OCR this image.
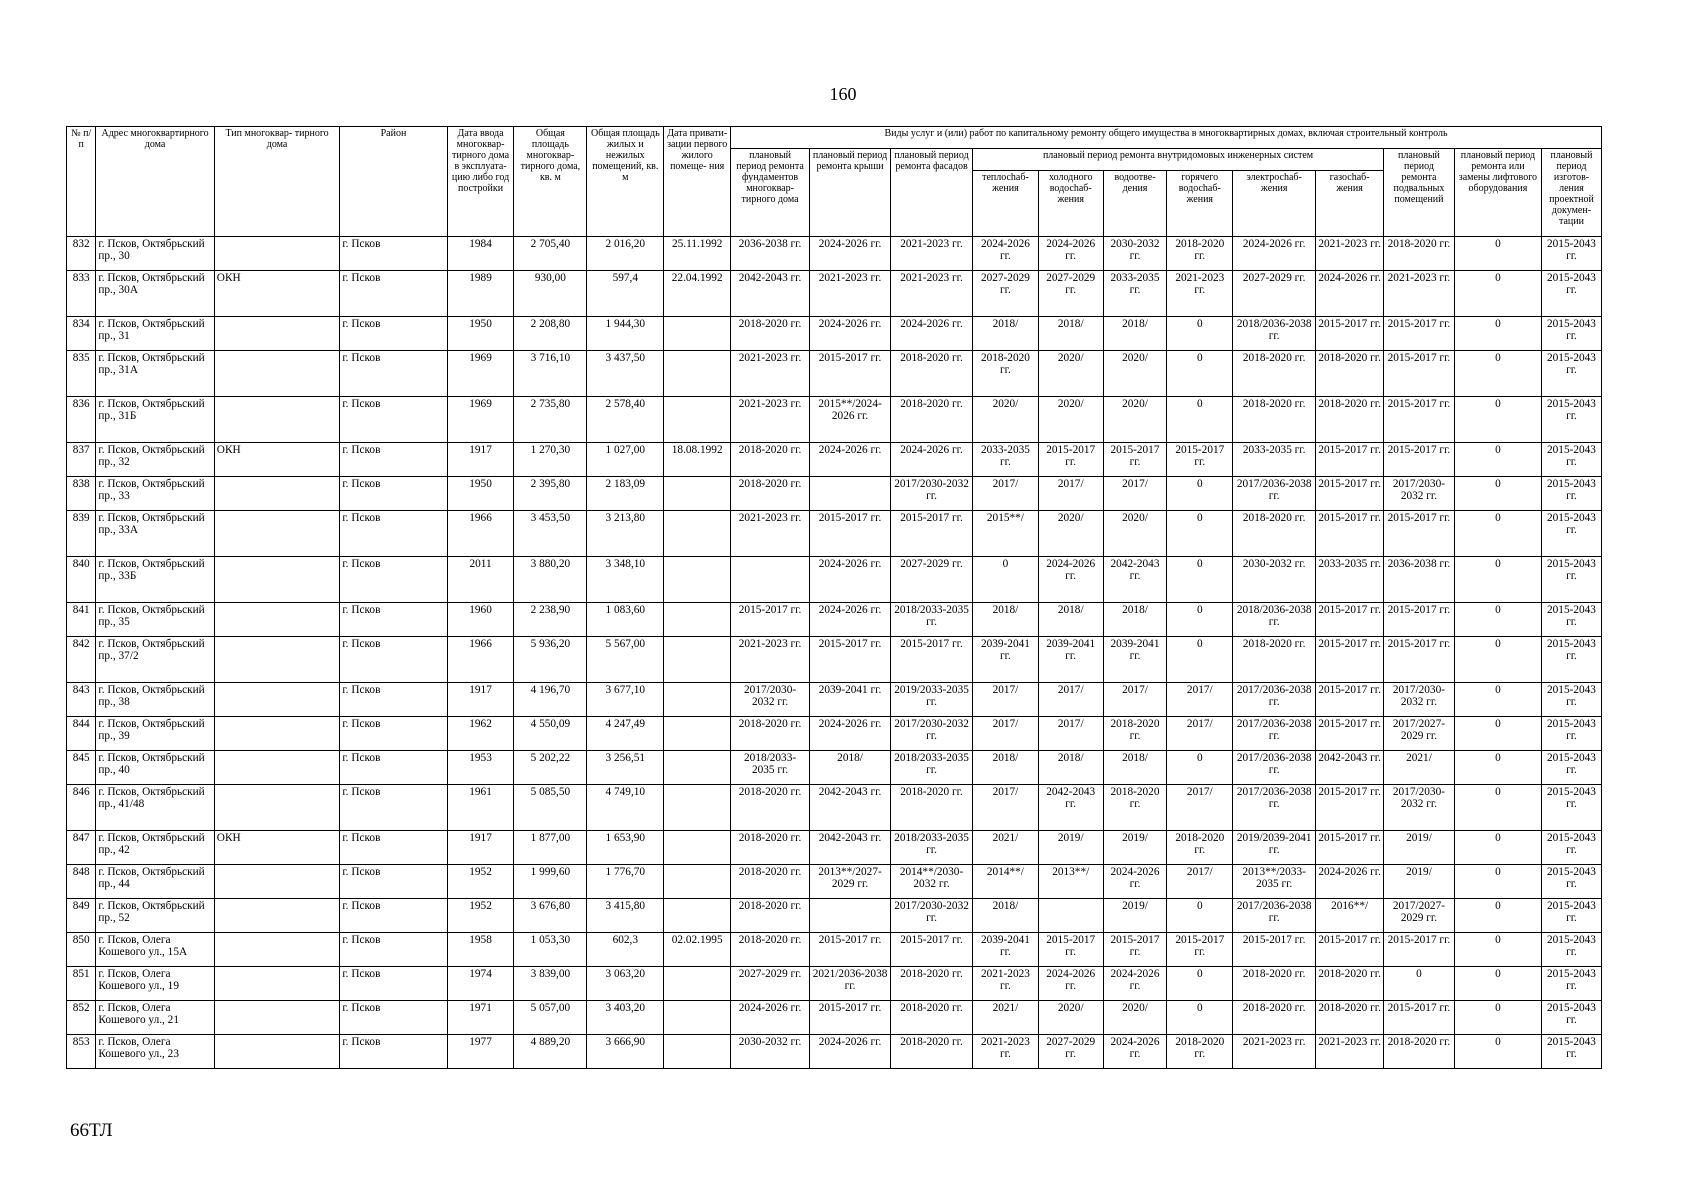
160
№ п/п	Адрес многоквартирного дома	Тип многоквар- тирного дома	Район	Дата ввода многоквар- тирного дома в эксплуата- цию либо год постройки	Общая площадь многоквар- тирного дома, кв. м	Общая площадь жилых и нежилых помещений, кв. м	Дата привати- зации первого жилого помеще- ния	Виды услуг и (или) работ по капитальному ремонту общего имущества в многоквартирных домах, включая строительный контроль											
								плановый период ремонта фундаментов многоквар- тирного дома	плановый период ремонта крыши	плановый период ремонта фасадов	плановый период ремонта внутридомовых инженерных систем						плановый период ремонта подвальных помещений	плановый период ремонта или замены лифтового оборудования	плановый период изготов- ления проектной докумен- тации
											теплосhаб- жения	холодного водосhаб- жения	водоотве- дения	горячего водосhаб- жения	электросhаб- жения	газосhаб- жения			
832	г. Псков, Октябрьский пр., 30		г. Псков	1984	2 705,40	2 016,20	25.11.1992	2036-2038 гг.	2024-2026 гг.	2021-2023 гг.	2024-2026 гг.	2024-2026 гг.	2030-2032 гг.	2018-2020 гг.	2024-2026 гг.	2021-2023 гг.	2018-2020 гг.	0	2015-2043 гг.
833	г. Псков, Октябрьский пр., 30А	ОКН	г. Псков	1989	930,00	597,4	22.04.1992	2042-2043 гг.	2021-2023 гг.	2021-2023 гг.	2027-2029 гг.	2027-2029 гг.	2033-2035 гг.	2021-2023 гг.	2027-2029 гг.	2024-2026 гг.	2021-2023 гг.	0	2015-2043 гг.
834	г. Псков, Октябрьский пр., 31		г. Псков	1950	2 208,80	1 944,30		2018-2020 гг.	2024-2026 гг.	2024-2026 гг.	2018/	2018/	2018/	0	2018/2036-2038 гг.	2015-2017 гг.	2015-2017 гг.	0	2015-2043 гг.
835	г. Псков, Октябрьский пр., 31А		г. Псков	1969	3 716,10	3 437,50		2021-2023 гг.	2015-2017 гг.	2018-2020 гг.	2018-2020 гг.	2020/	2020/	0	2018-2020 гг.	2018-2020 гг.	2015-2017 гг.	0	2015-2043 гг.
836	г. Псков, Октябрьский пр., 31Б		г. Псков	1969	2 735,80	2 578,40		2021-2023 гг.	2015**/2024-2026 гг.	2018-2020 гг.	2020/	2020/	2020/	0	2018-2020 гг.	2018-2020 гг.	2015-2017 гг.	0	2015-2043 гг.
837	г. Псков, Октябрьский пр., 32	ОКН	г. Псков	1917	1 270,30	1 027,00	18.08.1992	2018-2020 гг.	2024-2026 гг.	2024-2026 гг.	2033-2035 гг.	2015-2017 гг.	2015-2017 гг.	2015-2017 гг.	2033-2035 гг.	2015-2017 гг.	2015-2017 гг.	0	2015-2043 гг.
838	г. Псков, Октябрьский пр., 33		г. Псков	1950	2 395,80	2 183,09		2018-2020 гг.		2017/2030-2032 гг.	2017/	2017/	2017/	0	2017/2036-2038 гг.	2015-2017 гг.	2017/2030-2032 гг.	0	2015-2043 гг.
839	г. Псков, Октябрьский пр., 33А		г. Псков	1966	3 453,50	3 213,80		2021-2023 гг.	2015-2017 гг.	2015-2017 гг.	2015**/	2020/	2020/	0	2018-2020 гг.	2015-2017 гг.	2015-2017 гг.	0	2015-2043 гг.
840	г. Псков, Октябрьский пр., 33Б		г. Псков	2011	3 880,20	3 348,10			2024-2026 гг.	2027-2029 гг.	0	2024-2026 гг.	2042-2043 гг.	0	2030-2032 гг.	2033-2035 гг.	2036-2038 гг.	0	2015-2043 гг.
841	г. Псков, Октябрьский пр., 35		г. Псков	1960	2 238,90	1 083,60		2015-2017 гг.	2024-2026 гг.	2018/2033-2035 гг.	2018/	2018/	2018/	0	2018/2036-2038 гг.	2015-2017 гг.	2015-2017 гг.	0	2015-2043 гг.
842	г. Псков, Октябрьский пр., 37/2		г. Псков	1966	5 936,20	5 567,00		2021-2023 гг.	2015-2017 гг.	2015-2017 гг.	2039-2041 гг.	2039-2041 гг.	2039-2041 гг.	0	2018-2020 гг.	2015-2017 гг.	2015-2017 гг.	0	2015-2043 гг.
843	г. Псков, Октябрьский пр., 38		г. Псков	1917	4 196,70	3 677,10		2017/2030-2032 гг.	2039-2041 гг.	2019/2033-2035 гг.	2017/	2017/	2017/	2017/	2017/2036-2038 гг.	2015-2017 гг.	2017/2030-2032 гг.	0	2015-2043 гг.
844	г. Псков, Октябрьский пр., 39		г. Псков	1962	4 550,09	4 247,49		2018-2020 гг.	2024-2026 гг.	2017/2030-2032 гг.	2017/	2017/	2018-2020 гг.	2017/	2017/2036-2038 гг.	2015-2017 гг.	2017/2027-2029 гг.	0	2015-2043 гг.
845	г. Псков, Октябрьский пр., 40		г. Псков	1953	5 202,22	3 256,51		2018/2033-2035 гг.	2018/	2018/2033-2035 гг.	2018/	2018/	2018/	0	2017/2036-2038 гг.	2042-2043 гг.	2021/	0	2015-2043 гг.
846	г. Псков, Октябрьский пр., 41/48		г. Псков	1961	5 085,50	4 749,10		2018-2020 гг.	2042-2043 гг.	2018-2020 гг.	2017/	2042-2043 гг.	2018-2020 гг.	2017/	2017/2036-2038 гг.	2015-2017 гг.	2017/2030-2032 гг.	0	2015-2043 гг.
847	г. Псков, Октябрьский пр., 42	ОКН	г. Псков	1917	1 877,00	1 653,90		2018-2020 гг.	2042-2043 гг.	2018/2033-2035 гг.	2021/	2019/	2019/	2018-2020 гг.	2019/2039-2041 гг.	2015-2017 гг.	2019/	0	2015-2043 гг.
848	г. Псков, Октябрьский пр., 44		г. Псков	1952	1 999,60	1 776,70		2018-2020 гг.	2013**/2027-2029 гг.	2014**/2030-2032 гг.	2014**/	2013**/	2024-2026 гг.	2017/	2013**/2033-2035 гг.	2024-2026 гг.	2019/	0	2015-2043 гг.
849	г. Псков, Октябрьский пр., 52		г. Псков	1952	3 676,80	3 415,80		2018-2020 гг.		2017/2030-2032 гг.	2018/		2019/	0	2017/2036-2038 гг.	2016**/	2017/2027-2029 гг.	0	2015-2043 гг.
850	г. Псков, Олега Кошевого ул., 15А		г. Псков	1958	1 053,30	602,3	02.02.1995	2018-2020 гг.	2015-2017 гг.	2015-2017 гг.	2039-2041 гг.	2015-2017 гг.	2015-2017 гг.	2015-2017 гг.	2015-2017 гг.	2015-2017 гг.	2015-2017 гг.	0	2015-2043 гг.
851	г. Псков, Олега Кошевого ул., 19		г. Псков	1974	3 839,00	3 063,20		2027-2029 гг.	2021/2036-2038 гг.	2018-2020 гг.	2021-2023 гг.	2024-2026 гг.	2024-2026 гг.	0	2018-2020 гг.	2018-2020 гг.	0	0	2015-2043 гг.
852	г. Псков, Олега Кошевого ул., 21		г. Псков	1971	5 057,00	3 403,20		2024-2026 гг.	2015-2017 гг.	2018-2020 гг.	2021/	2020/	2020/	0	2018-2020 гг.	2018-2020 гг.	2015-2017 гг.	0	2015-2043 гг.
853	г. Псков, Олега Кошевого ул., 23		г. Псков	1977	4 889,20	3 666,90		2030-2032 гг.	2024-2026 гг.	2018-2020 гг.	2021-2023 гг.	2027-2029 гг.	2024-2026 гг.	2018-2020 гг.	2021-2023 гг.	2021-2023 гг.	2018-2020 гг.	0	2015-2043 гг.
66ТЛ
